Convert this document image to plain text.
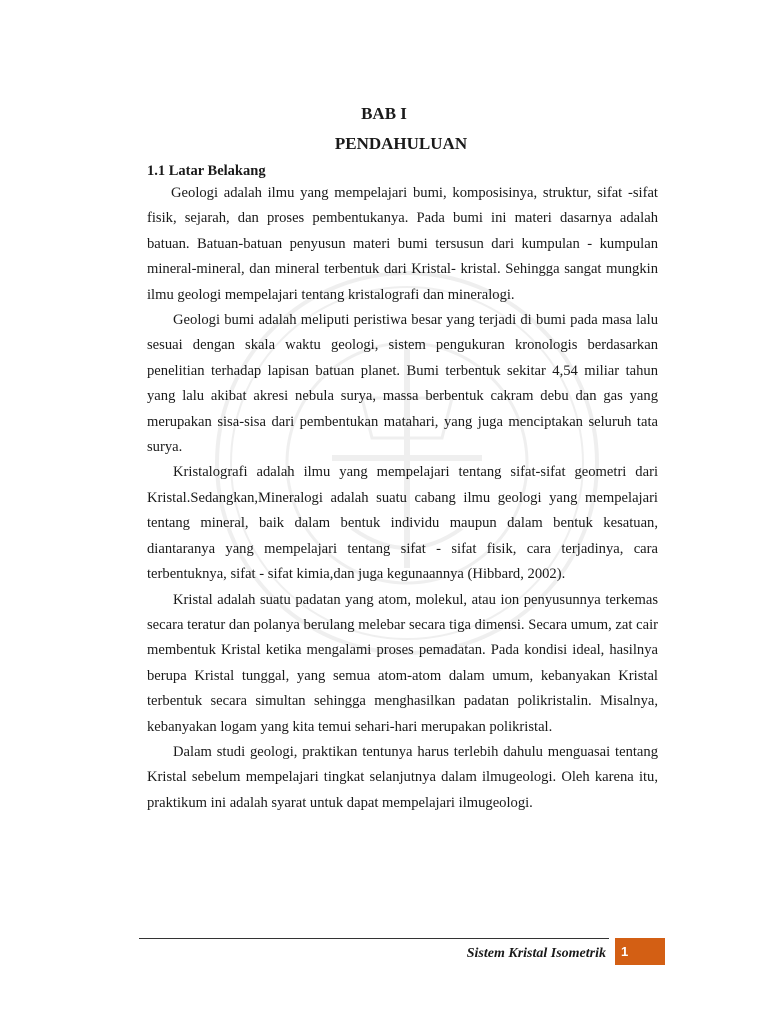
BAB I
PENDAHULUAN
1.1 Latar Belakang

Geologi adalah ilmu yang mempelajari bumi, komposisinya, struktur, sifat -sifat fisik, sejarah, dan proses pembentukanya. Pada bumi ini materi dasarnya adalah batuan. Batuan-batuan penyusun materi bumi tersusun dari kumpulan - kumpulan mineral-mineral, dan mineral terbentuk dari Kristal- kristal. Sehingga sangat mungkin ilmu geologi mempelajari tentang kristalografi dan mineralogi.

Geologi bumi adalah meliputi peristiwa besar yang terjadi di bumi pada masa lalu sesuai dengan skala waktu geologi, sistem pengukuran kronologis berdasarkan penelitian terhadap lapisan batuan planet. Bumi terbentuk sekitar 4,54 miliar tahun yang lalu akibat akresi nebula surya, massa berbentuk cakram debu dan gas yang merupakan sisa-sisa dari pembentukan matahari, yang juga menciptakan seluruh tata surya.

Kristalografi adalah ilmu yang mempelajari tentang sifat-sifat geometri dari Kristal.Sedangkan,Mineralogi adalah suatu cabang ilmu geologi yang mempelajari tentang mineral, baik dalam bentuk individu maupun dalam bentuk kesatuan, diantaranya yang mempelajari tentang sifat - sifat fisik, cara terjadinya, cara terbentuknya, sifat - sifat kimia,dan juga kegunaannya (Hibbard, 2002).

Kristal adalah suatu padatan yang atom, molekul, atau ion penyusunnya terkemas secara teratur dan polanya berulang melebar secara tiga dimensi. Secara umum, zat cair membentuk Kristal ketika mengalami proses pemadatan. Pada kondisi ideal, hasilnya berupa Kristal tunggal, yang semua atom-atom dalam umum, kebanyakan Kristal terbentuk secara simultan sehingga menghasilkan padatan polikristalin. Misalnya, kebanyakan logam yang kita temui sehari-hari merupakan polikristal.

Dalam studi geologi, praktikan tentunya harus terlebih dahulu menguasai tentang Kristal sebelum mempelajari tingkat selanjutnya dalam ilmugeologi. Oleh karena itu, praktikum ini adalah syarat untuk dapat mempelajari ilmugeologi.

Sistem Kristal Isometrik	1
